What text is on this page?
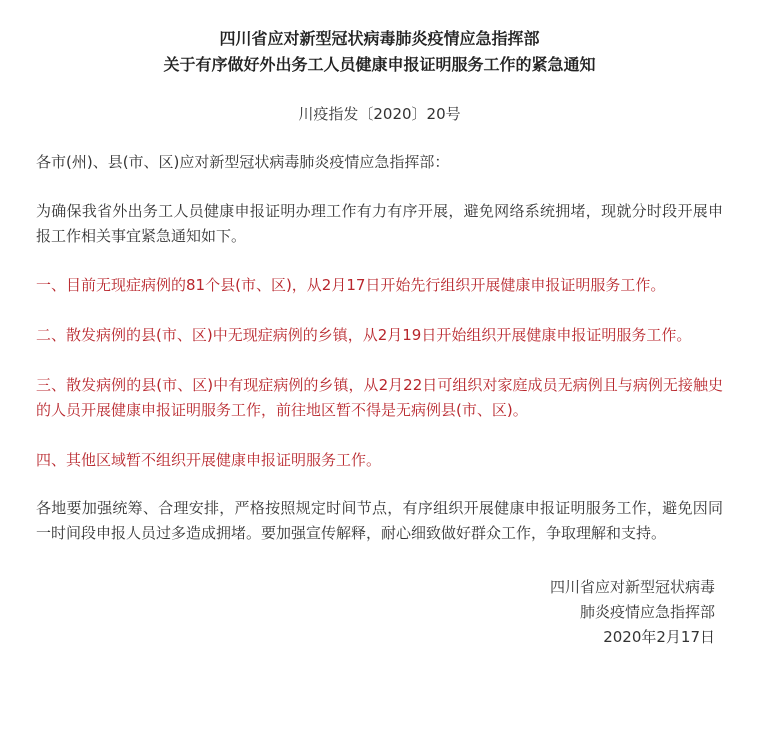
四川省应对新型冠状病毒肺炎疫情应急指挥部
关于有序做好外出务工人员健康申报证明服务工作的紧急通知
川疫指发〔2020〕20号

各市(州)、县(市、区)应对新型冠状病毒肺炎疫情应急指挥部：

为确保我省外出务工人员健康申报证明办理工作有力有序开展，避免网络系统拥堵，现就分时段开展申报工作相关事宜紧急通知如下。

一、目前无现症病例的81个县(市、区)，从2月17日开始先行组织开展健康申报证明服务工作。

二、散发病例的县(市、区)中无现症病例的乡镇，从2月19日开始组织开展健康申报证明服务工作。

三、散发病例的县(市、区)中有现症病例的乡镇，从2月22日可组织对家庭成员无病例且与病例无接触史的人员开展健康申报证明服务工作，前往地区暂不得是无病例县(市、区)。

四、其他区域暂不组织开展健康申报证明服务工作。

各地要加强统筹、合理安排，严格按照规定时间节点，有序组织开展健康申报证明服务工作，避免因同一时间段申报人员过多造成拥堵。要加强宣传解释，耐心细致做好群众工作，争取理解和支持。

四川省应对新型冠状病毒
肺炎疫情应急指挥部
2020年2月17日
